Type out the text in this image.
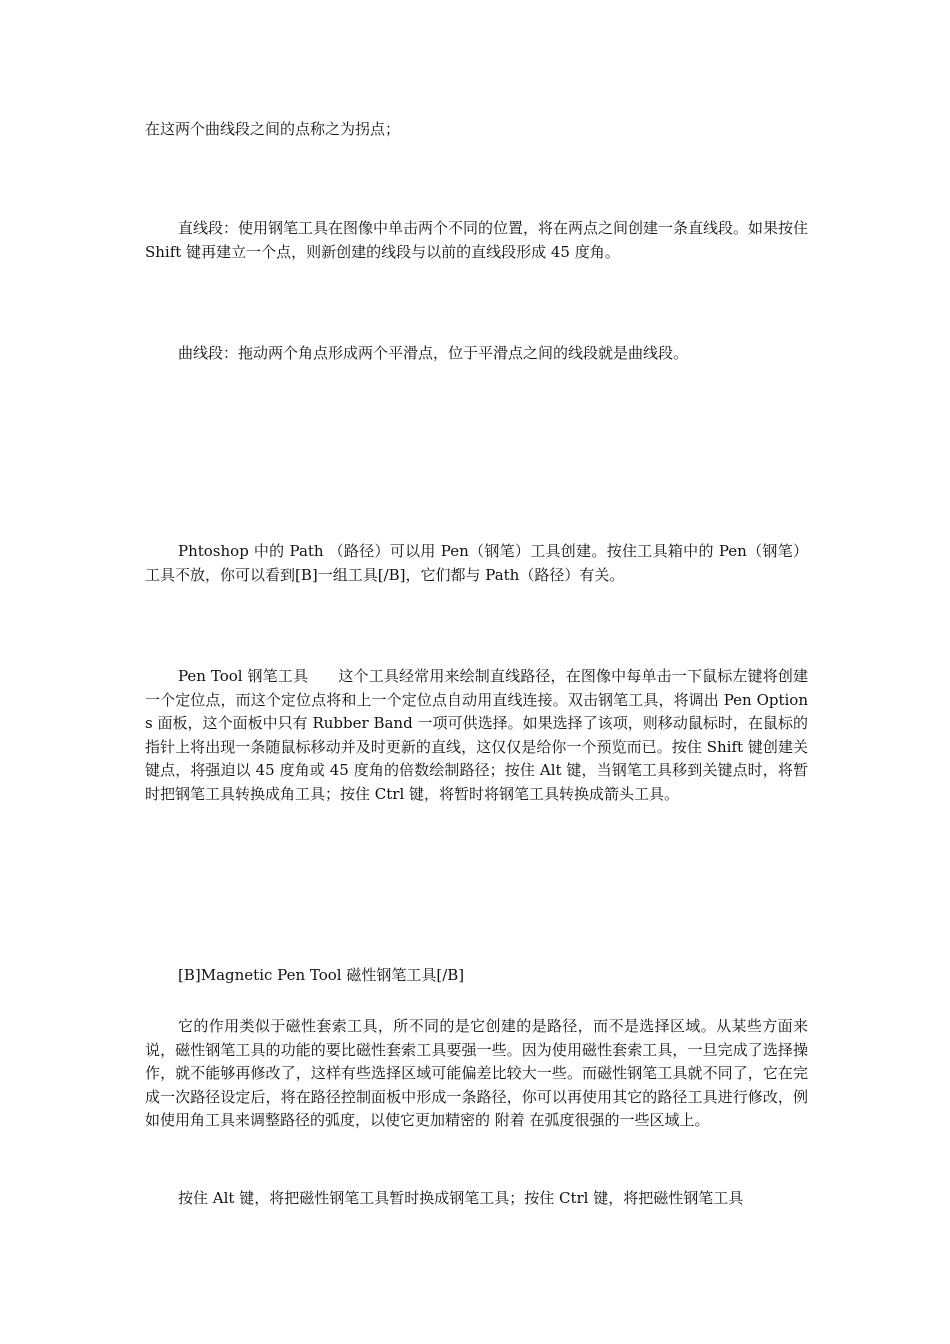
在这两个曲线段之间的点称之为拐点；

直线段：使用钢笔工具在图像中单击两个不同的位置，将在两点之间创建一条直线段。如果按住 Shift 键再建立一个点，则新创建的线段与以前的直线段形成 45 度角。

曲线段：拖动两个角点形成两个平滑点，位于平滑点之间的线段就是曲线段。

Phtoshop 中的 Path （路径）可以用 Pen（钢笔）工具创建。按住工具箱中的 Pen（钢笔）工具不放，你可以看到[B]一组工具[/B]，它们都与 Path（路径）有关。

Pen Tool 钢笔工具　　这个工具经常用来绘制直线路径，在图像中每单击一下鼠标左键将创建一个定位点，而这个定位点将和上一个定位点自动用直线连接。双击钢笔工具，将调出 Pen Options 面板，这个面板中只有 Rubber Band 一项可供选择。如果选择了该项，则移动鼠标时，在鼠标的指针上将出现一条随鼠标移动并及时更新的直线，这仅仅是给你一个预览而已。按住 Shift 键创建关键点，将强迫以 45 度角或 45 度角的倍数绘制路径；按住 Alt 键，当钢笔工具移到关键点时，将暂时把钢笔工具转换成角工具；按住 Ctrl 键，将暂时将钢笔工具转换成箭头工具。

[B]Magnetic Pen Tool 磁性钢笔工具[/B]

它的作用类似于磁性套索工具，所不同的是它创建的是路径，而不是选择区域。从某些方面来说，磁性钢笔工具的功能的要比磁性套索工具要强一些。因为使用磁性套索工具，一旦完成了选择操作，就不能够再修改了，这样有些选择区域可能偏差比较大一些。而磁性钢笔工具就不同了，它在完成一次路径设定后，将在路径控制面板中形成一条路径，你可以再使用其它的路径工具进行修改，例如使用角工具来调整路径的弧度，以使它更加精密的 附着 在弧度很强的一些区域上。

按住 Alt 键，将把磁性钢笔工具暂时换成钢笔工具；按住 Ctrl 键，将把磁性钢笔工具
